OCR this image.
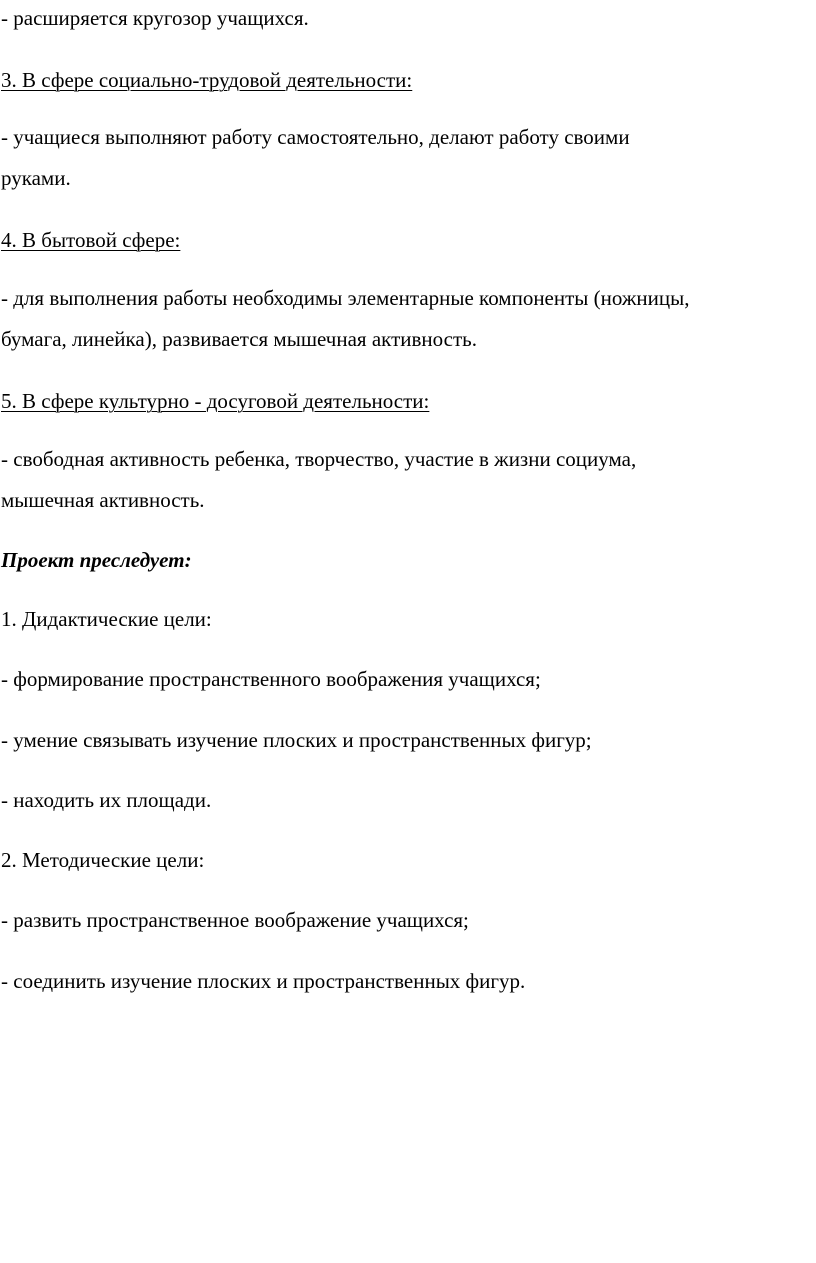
- расширяется кругозор учащихся.
3. В сфере социально-трудовой деятельности:
- учащиеся выполняют работу самостоятельно, делают работу своими
руками.
4. В бытовой сфере:
- для выполнения работы необходимы элементарные компоненты (ножницы,
бумага, линейка), развивается мышечная активность.
5. В сфере культурно - досуговой деятельности:
- свободная активность ребенка, творчество, участие в жизни социума,
мышечная активность.
Проект преследует:
1. Дидактические цели:
- формирование пространственного воображения учащихся;
- умение связывать изучение плоских и пространственных фигур;
- находить их площади.
2. Методические цели:
- развить пространственное воображение учащихся;
- соединить изучение плоских и пространственных фигур.
